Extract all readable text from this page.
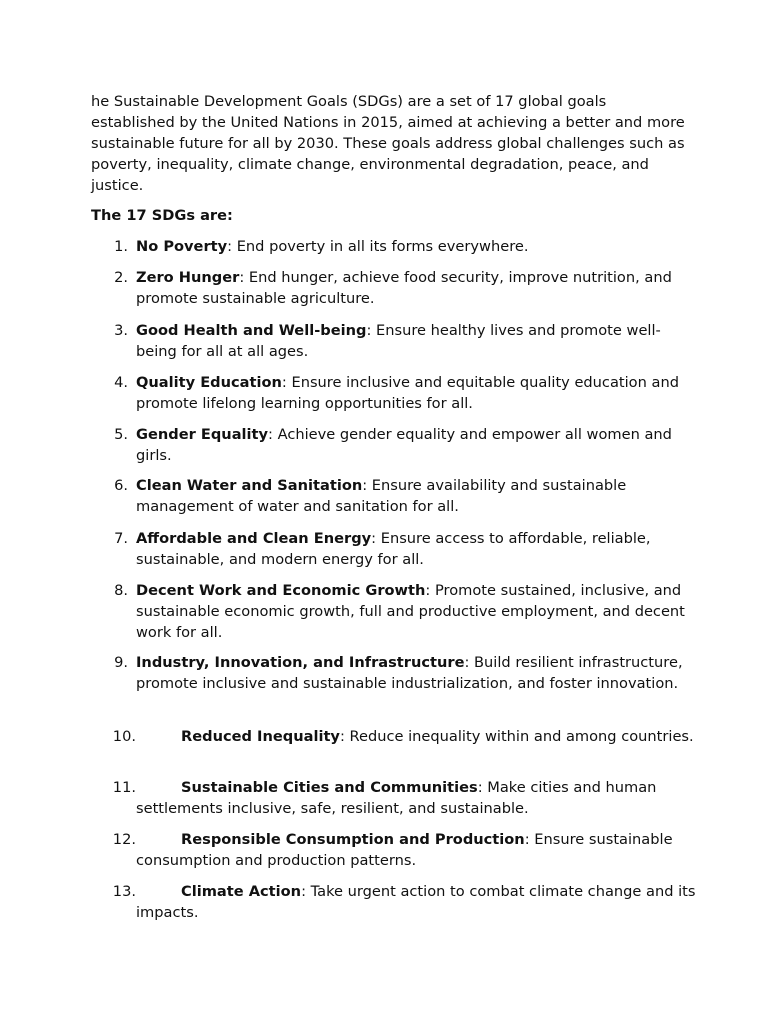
he Sustainable Development Goals (SDGs) are a set of 17 global goals established by the United Nations in 2015, aimed at achieving a better and more sustainable future for all by 2030. These goals address global challenges such as poverty, inequality, climate change, environmental degradation, peace, and justice.

The 17 SDGs are:

1. No Poverty: End poverty in all its forms everywhere.
2. Zero Hunger: End hunger, achieve food security, improve nutrition, and promote sustainable agriculture.
3. Good Health and Well-being: Ensure healthy lives and promote well-being for all at all ages.
4. Quality Education: Ensure inclusive and equitable quality education and promote lifelong learning opportunities for all.
5. Gender Equality: Achieve gender equality and empower all women and girls.
6. Clean Water and Sanitation: Ensure availability and sustainable management of water and sanitation for all.
7. Affordable and Clean Energy: Ensure access to affordable, reliable, sustainable, and modern energy for all.
8. Decent Work and Economic Growth: Promote sustained, inclusive, and sustainable economic growth, full and productive employment, and decent work for all.
9. Industry, Innovation, and Infrastructure: Build resilient infrastructure, promote inclusive and sustainable industrialization, and foster innovation.
10.	Reduced Inequality: Reduce inequality within and among countries.
11.	Sustainable Cities and Communities: Make cities and human settlements inclusive, safe, resilient, and sustainable.
12.	Responsible Consumption and Production: Ensure sustainable consumption and production patterns.
13.	Climate Action: Take urgent action to combat climate change and its impacts.
